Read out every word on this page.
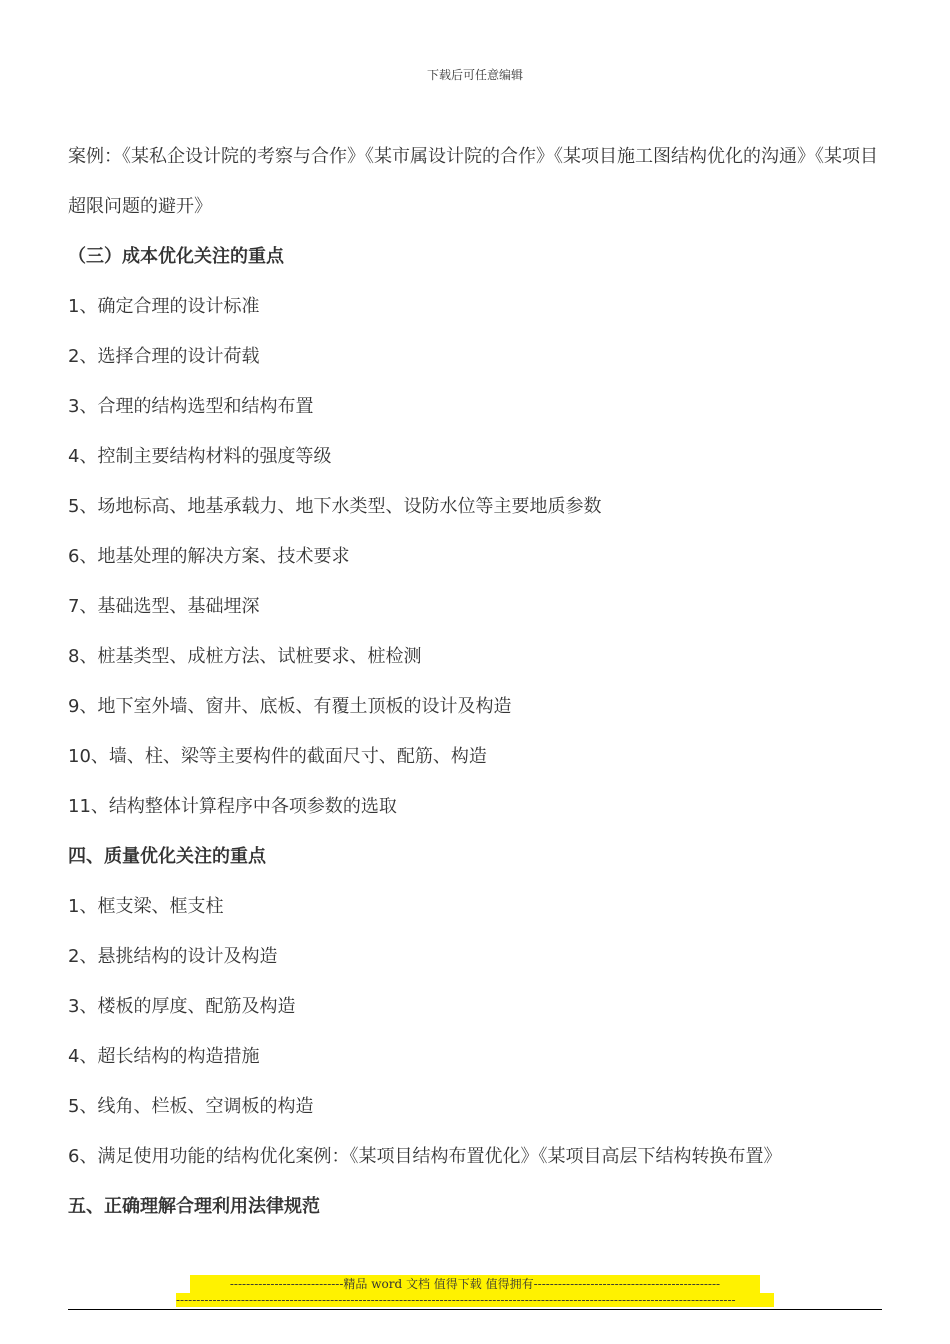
下载后可任意编辑

案例：《某私企设计院的考察与合作》《某市属设计院的合作》《某项目施工图结构优化的沟通》《某项目超限问题的避开》

（三）成本优化关注的重点

1、确定合理的设计标准

2、选择合理的设计荷载

3、合理的结构选型和结构布置

4、控制主要结构材料的强度等级

5、场地标高、地基承载力、地下水类型、设防水位等主要地质参数

6、地基处理的解决方案、技术要求

7、基础选型、基础埋深

8、桩基类型、成桩方法、试桩要求、桩检测

9、地下室外墙、窗井、底板、有覆土顶板的设计及构造

10、墙、柱、梁等主要构件的截面尺寸、配筋、构造

11、结构整体计算程序中各项参数的选取

四、质量优化关注的重点

1、框支梁、框支柱

2、悬挑结构的设计及构造

3、楼板的厚度、配筋及构造

4、超长结构的构造措施

5、线角、栏板、空调板的构造

6、满足使用功能的结构优化案例：《某项目结构布置优化》《某项目高层下结构转换布置》

五、正确理解合理利用法律规范

----------------------------精品 word 文档 值得下载 值得拥有----------------------------------------------
------------------------------------------------------------------------------------------------------------------------------------------
